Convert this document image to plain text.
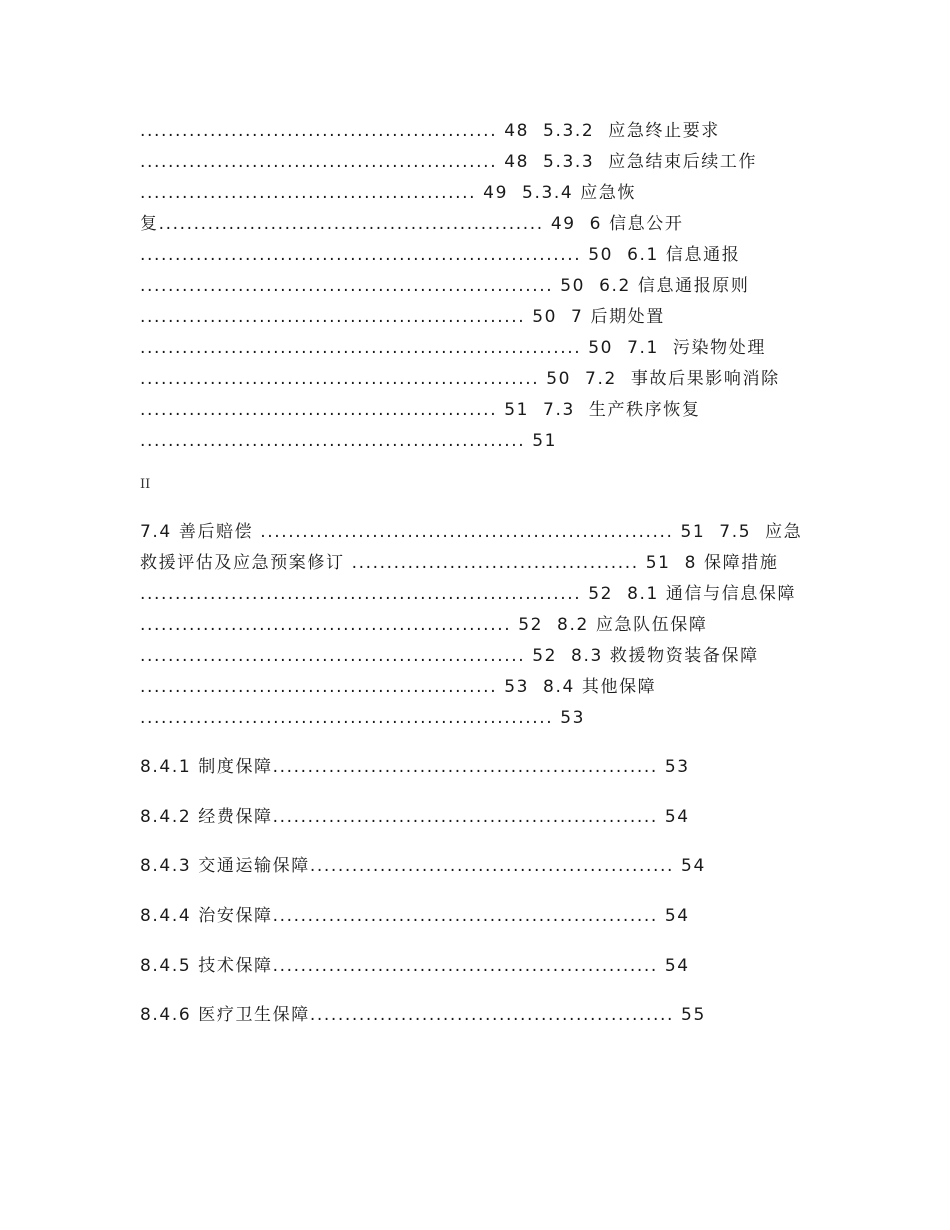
................................................... 48  5.3.2  应急终止要求
................................................... 48  5.3.3  应急结束后续工作
................................................ 49  5.3.4 应急恢
复....................................................... 49  6 信息公开
............................................................... 50  6.1 信息通报
........................................................... 50  6.2 信息通报原则
....................................................... 50  7 后期处置
............................................................... 50  7.1  污染物处理
......................................................... 50  7.2  事故后果影响消除
................................................... 51  7.3  生产秩序恢复
....................................................... 51
II
7.4 善后赔偿 ........................................................... 51  7.5  应急
救援评估及应急预案修订 ......................................... 51  8 保障措施
............................................................... 52  8.1 通信与信息保障
..................................................... 52  8.2 应急队伍保障
....................................................... 52  8.3 救援物资装备保障
................................................... 53  8.4 其他保障
........................................................... 53
8.4.1 制度保障....................................................... 53
8.4.2 经费保障....................................................... 54
8.4.3 交通运输保障.................................................... 54
8.4.4 治安保障....................................................... 54
8.4.5 技术保障....................................................... 54
8.4.6 医疗卫生保障.................................................... 55
